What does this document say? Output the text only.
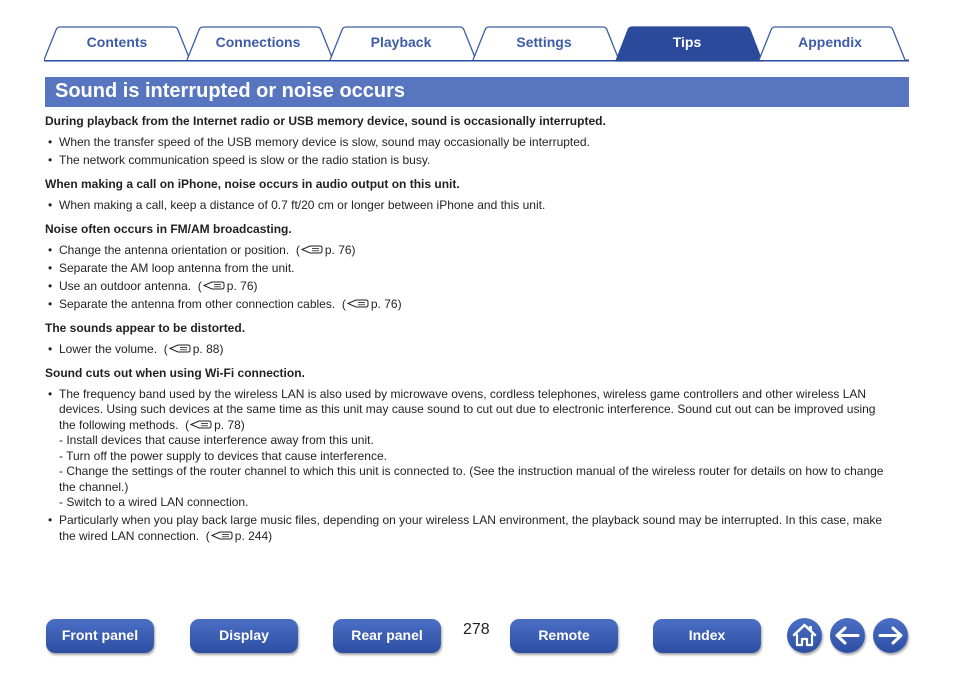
Contents	Connections	Playback	Settings	Tips	Appendix
Sound is interrupted or noise occurs

During playback from the Internet radio or USB memory device, sound is occasionally interrupted.

• When the transfer speed of the USB memory device is slow, sound may occasionally be interrupted.
• The network communication speed is slow or the radio station is busy.

When making a call on iPhone, noise occurs in audio output on this unit.

• When making a call, keep a distance of 0.7 ft/20 cm or longer between iPhone and this unit.

Noise often occurs in FM/AM broadcasting.

• Change the antenna orientation or position. ( p. 76)
• Separate the AM loop antenna from the unit.
• Use an outdoor antenna. ( p. 76)
• Separate the antenna from other connection cables. ( p. 76)

The sounds appear to be distorted.

• Lower the volume. ( p. 88)

Sound cuts out when using Wi-Fi connection.

• The frequency band used by the wireless LAN is also used by microwave ovens, cordless telephones, wireless game controllers and other wireless LAN devices. Using such devices at the same time as this unit may cause sound to cut out due to electronic interference. Sound cut out can be improved using the following methods. ( p. 78)
- Install devices that cause interference away from this unit.
- Turn off the power supply to devices that cause interference.
- Change the settings of the router channel to which this unit is connected to. (See the instruction manual of the wireless router for details on how to change the channel.)
- Switch to a wired LAN connection.
• Particularly when you play back large music files, depending on your wireless LAN environment, the playback sound may be interrupted. In this case, make the wired LAN connection. ( p. 244)
Front panel	Display	Rear panel	278	Remote	Index
